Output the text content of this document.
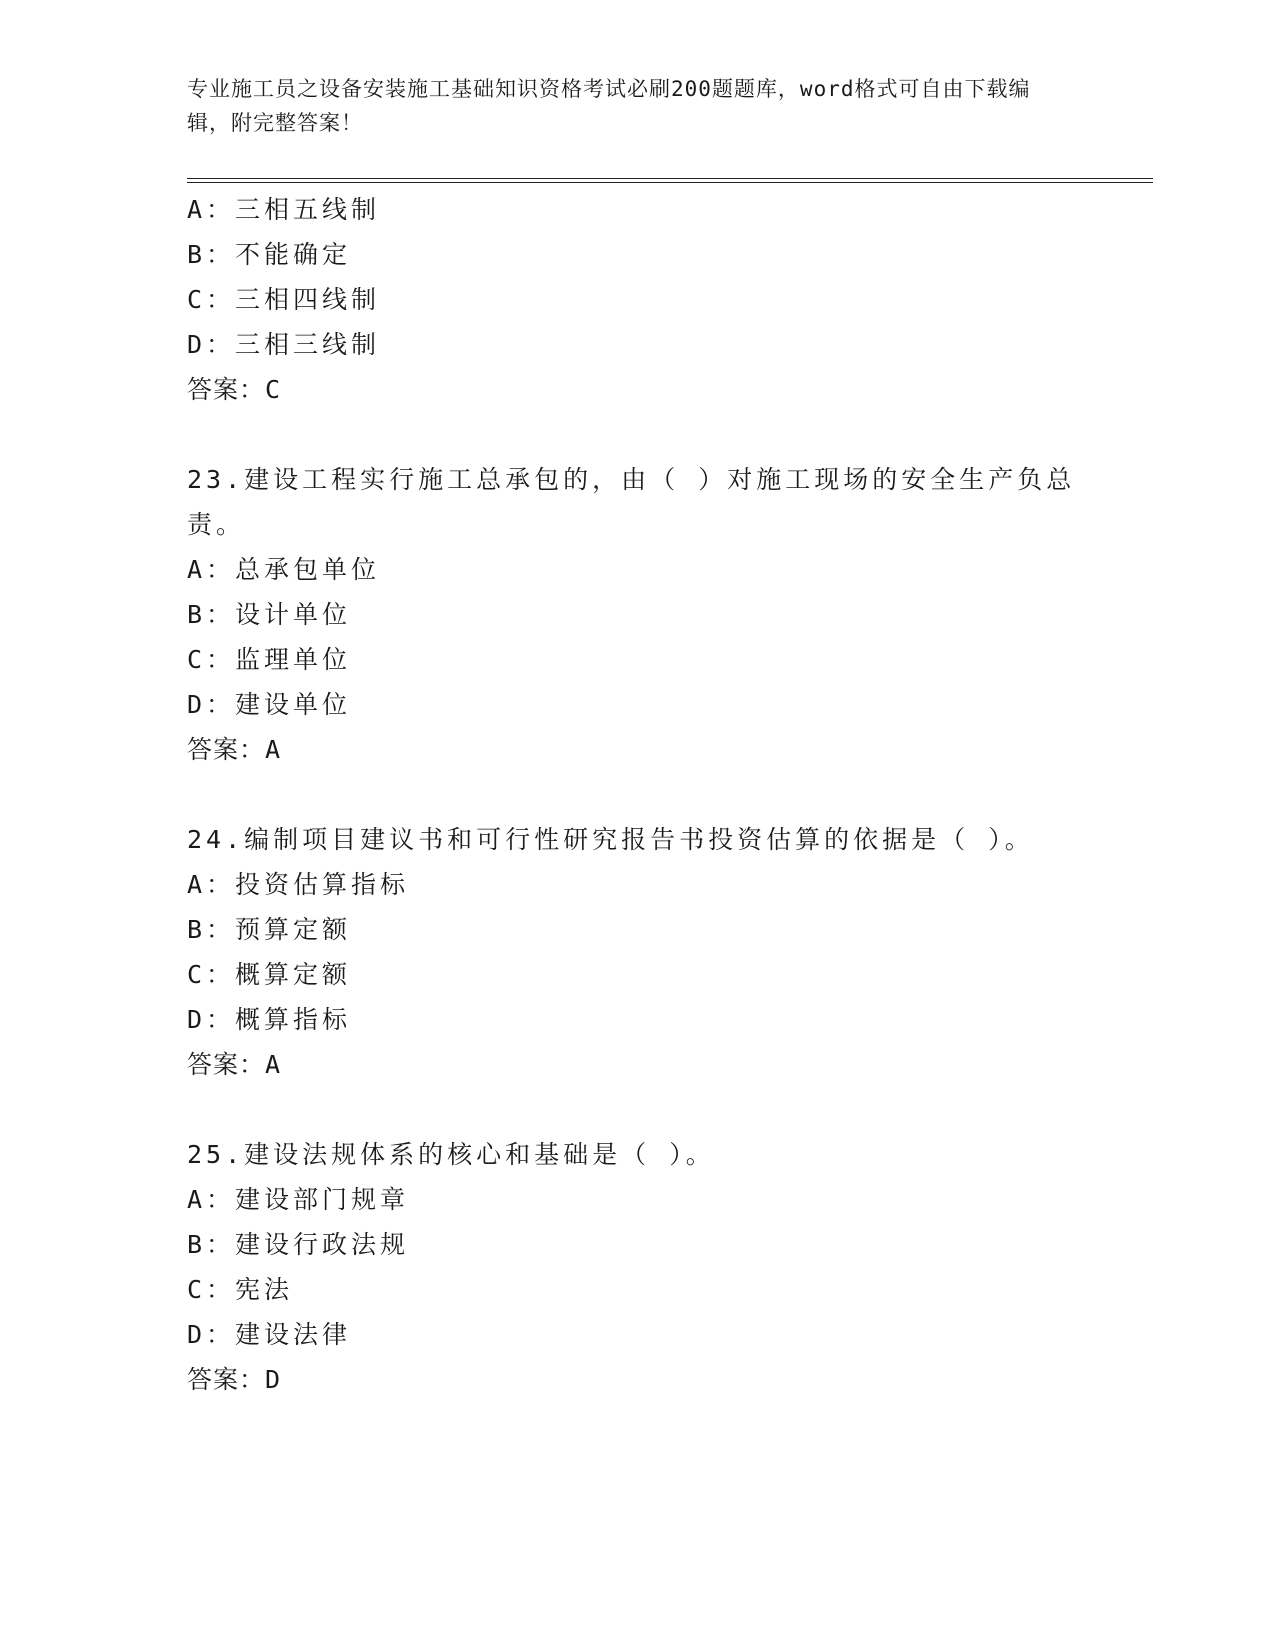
专业施工员之设备安装施工基础知识资格考试必刷200题题库，word格式可自由下载编辑，附完整答案！
A：三相五线制
B：不能确定
C：三相四线制
D：三相三线制
答案：C
23.建设工程实行施工总承包的，由（ ）对施工现场的安全生产负总
责。
A：总承包单位
B：设计单位
C：监理单位
D：建设单位
答案：A
24.编制项目建议书和可行性研究报告书投资估算的依据是（ ）。
A：投资估算指标
B：预算定额
C：概算定额
D：概算指标
答案：A
25.建设法规体系的核心和基础是（ ）。
A：建设部门规章
B：建设行政法规
C：宪法
D：建设法律
答案：D
